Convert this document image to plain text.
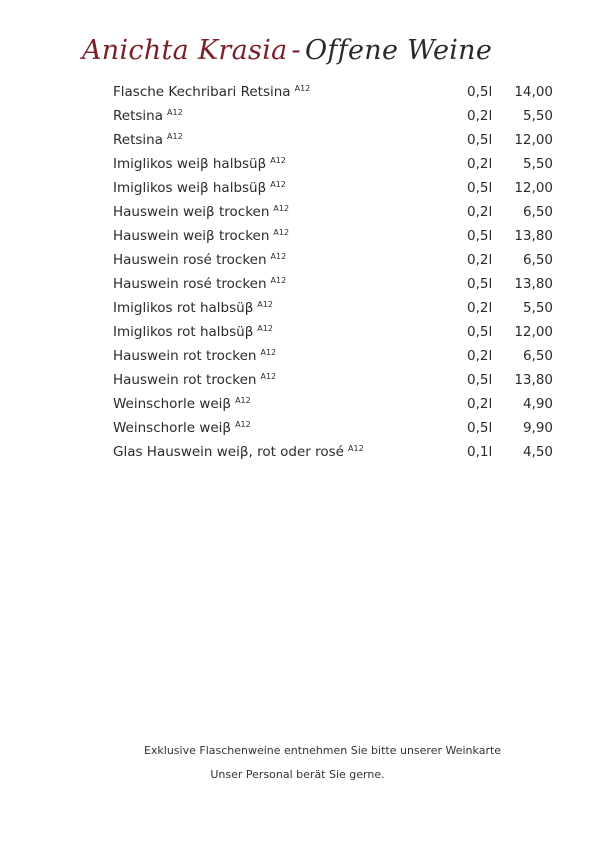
Anichta Krasia - Offene Weine
Flasche Kechribari Retsina $^{A12}$	0,5l	14,00
Retsina $^{A12}$	0,2l	5,50
Retsina $^{A12}$	0,5l	12,00
Imiglikos weiβ halbsüβ $^{A12}$	0,2l	5,50
Imiglikos weiβ halbsüβ $^{A12}$	0,5l	12,00
Hauswein weiβ trocken $^{A12}$	0,2l	6,50
Hauswein weiβ trocken $^{A12}$	0,5l	13,80
Hauswein rosé trocken $^{A12}$	0,2l	6,50
Hauswein rosé trocken $^{A12}$	0,5l	13,80
Imiglikos rot halbsüβ $^{A12}$	0,2l	5,50
Imiglikos rot halbsüβ $^{A12}$	0,5l	12,00
Hauswein rot trocken $^{A12}$	0,2l	6,50
Hauswein rot trocken $^{A12}$	0,5l	13,80
Weinschorle weiβ $^{A12}$	0,2l	4,90
Weinschorle weiβ $^{A12}$	0,5l	9,90
Glas Hauswein weiβ, rot oder rosé $^{A12}$	0,1l	4,50
Exklusive Flaschenweine entnehmen Sie bitte unserer Weinkarte
Unser Personal berät Sie gerne.
